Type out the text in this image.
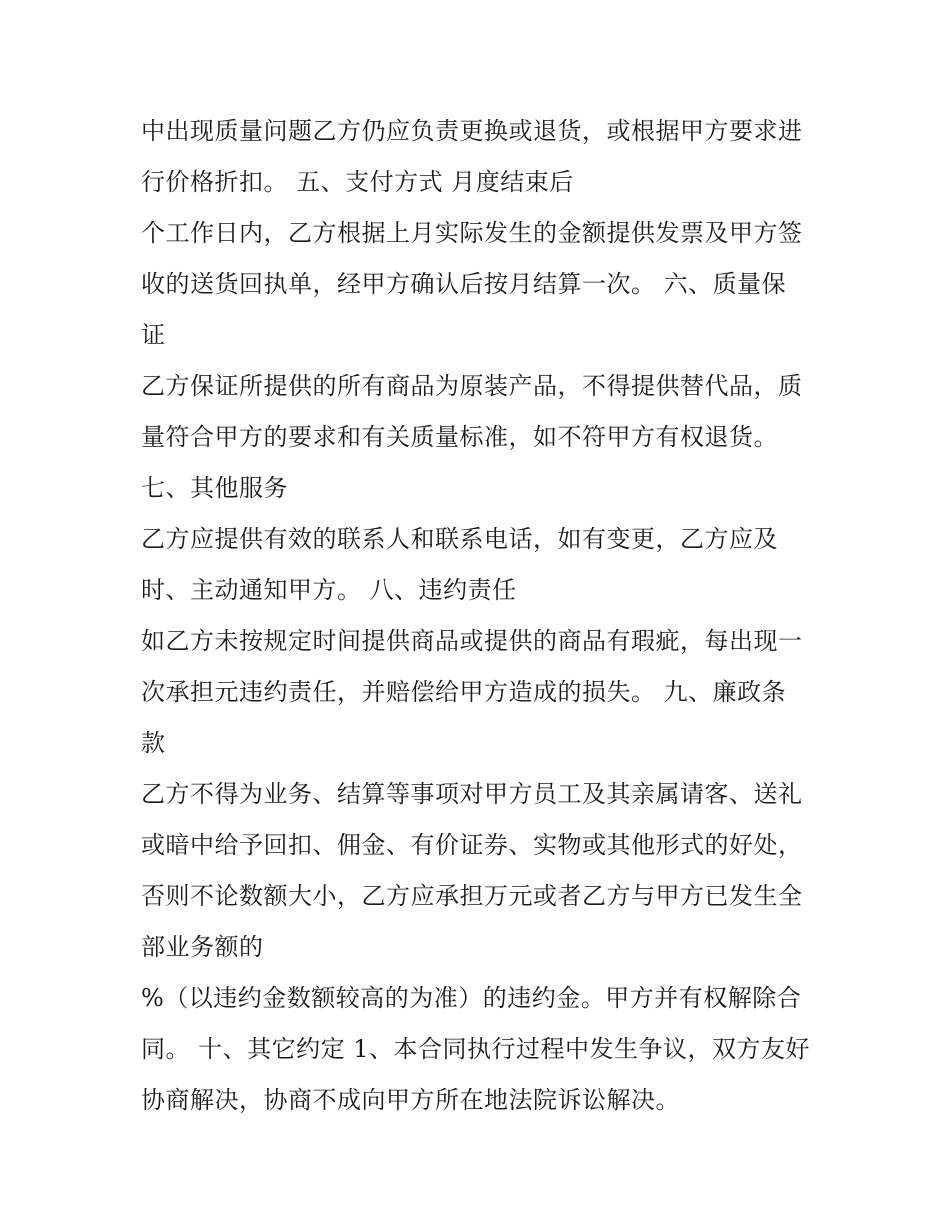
中出现质量问题乙方仍应负责更换或退货，或根据甲方要求进
行价格折扣。 五、支付方式 月度结束后
个工作日内，乙方根据上月实际发生的金额提供发票及甲方签
收的送货回执单，经甲方确认后按月结算一次。 六、质量保
证
乙方保证所提供的所有商品为原装产品，不得提供替代品，质
量符合甲方的要求和有关质量标准，如不符甲方有权退货。
七、其他服务
乙方应提供有效的联系人和联系电话，如有变更，乙方应及
时、主动通知甲方。 八、违约责任
如乙方未按规定时间提供商品或提供的商品有瑕疵，每出现一
次承担元违约责任，并赔偿给甲方造成的损失。 九、廉政条
款
乙方不得为业务、结算等事项对甲方员工及其亲属请客、送礼
或暗中给予回扣、佣金、有价证券、实物或其他形式的好处，
否则不论数额大小，乙方应承担万元或者乙方与甲方已发生全
部业务额的
%（以违约金数额较高的为准）的违约金。甲方并有权解除合
同。 十、其它约定 1、本合同执行过程中发生争议，双方友好
协商解决，协商不成向甲方所在地法院诉讼解决。
